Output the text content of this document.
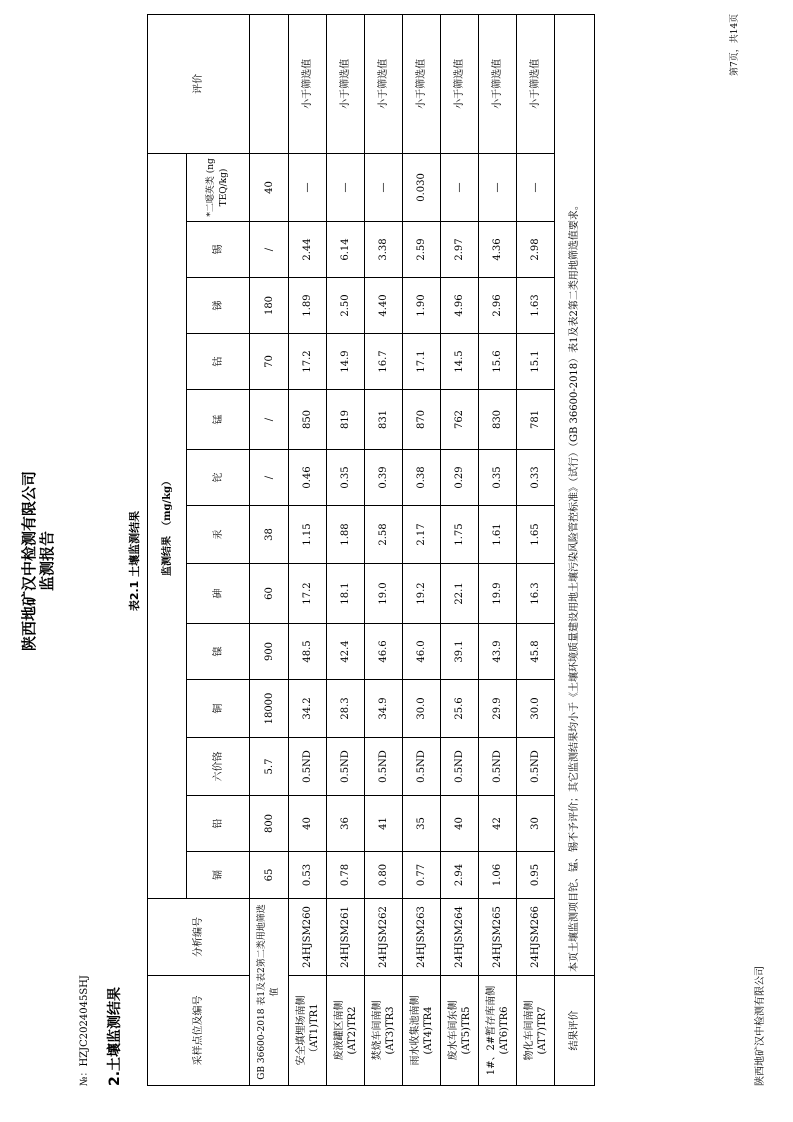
№：HZJC2024045SHJ
第7页，共14页
陕西地矿汉中检测有限公司
陕西地矿汉中检测有限公司 监测报告
2.土壤监测结果
表2.1 土壤监测结果
采样点位及编号	分析编号	监测结果　（mg/kg）													评价
		镉	铅	六价铬	铜	镍	砷	汞	铊	锰	钴	锑	锡	*二噁英类 (ng TEQ/kg)	
GB 36600-2018 表1及表2第二类用地筛选值		65	800	5.7	18000	900	60	38	/	/	70	180	/	40	
安全填埋场南侧（AT1)TR1	24HJSM260	0.53	40	0.5ND	34.2	48.5	17.2	1.15	0.46	850	17.2	1.89	2.44	—	小于筛选值
废液罐区南侧(AT2)TR2	24HJSM261	0.78	36	0.5ND	28.3	42.4	18.1	1.88	0.35	819	14.9	2.50	6.14	—	小于筛选值
焚烧车间南侧(AT3)TR3	24HJSM262	0.80	41	0.5ND	34.9	46.6	19.0	2.58	0.39	831	16.7	4.40	3.38	—	小于筛选值
雨水收集池南侧(AT4)TR4	24HJSM263	0.77	35	0.5ND	30.0	46.0	19.2	2.17	0.38	870	17.1	1.90	2.59	0.030	小于筛选值
废水车间东侧(AT5)TR5	24HJSM264	2.94	40	0.5ND	25.6	39.1	22.1	1.75	0.29	762	14.5	4.96	2.97	—	小于筛选值
1#、2#暂存库南侧(AT6)TR6	24HJSM265	1.06	42	0.5ND	29.9	43.9	19.9	1.61	0.35	830	15.6	2.96	4.36	—	小于筛选值
物化车间南侧(AT7)TR7	24HJSM266	0.95	30	0.5ND	30.0	45.8	16.3	1.65	0.33	781	15.1	1.63	2.98	—	小于筛选值
结果评价	本页土壤监测项目铊、锰、锡不予评价；其它监测结果均小于《土壤环境质量建设用地土壤污染风险管控标准》（试行）（GB 36600-2018）表1及表2第二类用地筛选值要求。														
